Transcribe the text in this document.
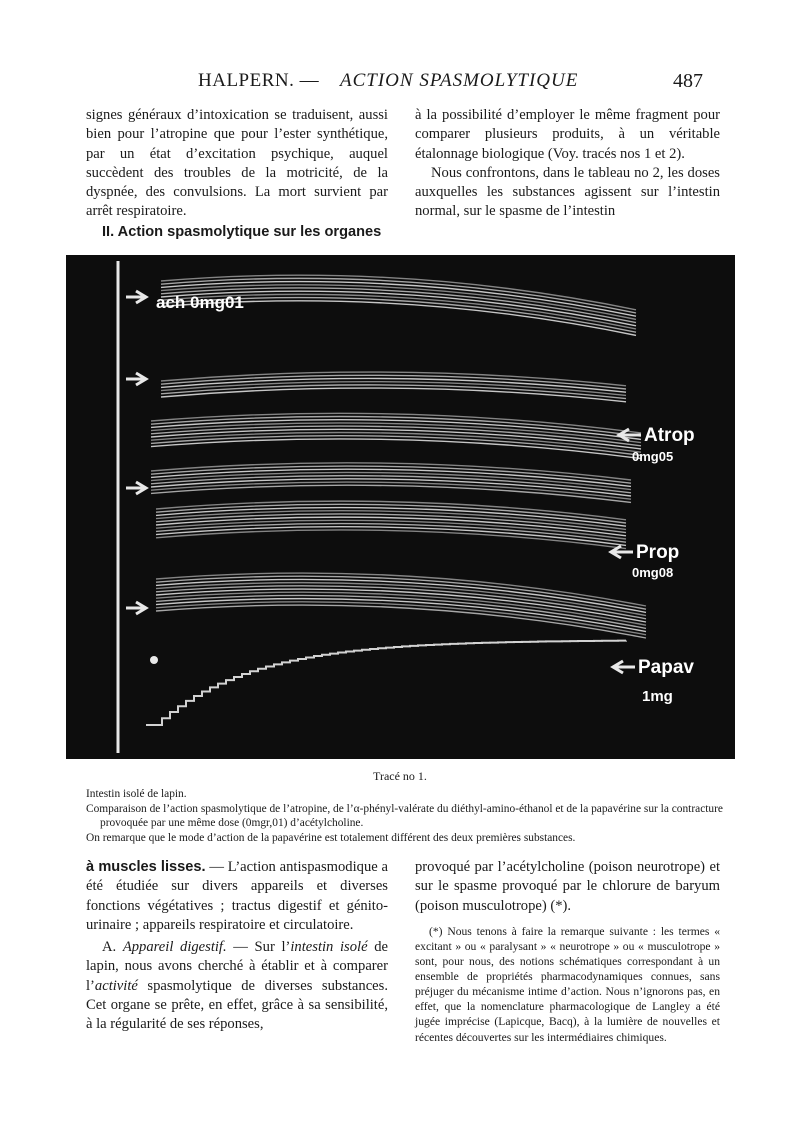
HALPERN. — ACTION SPASMOLYTIQUE	487

signes généraux d’intoxication se traduisent, aussi bien pour l’atropine que pour l’ester synthétique, par un état d’excitation psychique, auquel succèdent des troubles de la motricité, de la dyspnée, des convulsions. La mort survient par arrêt respiratoire.

II. Action spasmolytique sur les organes

à la possibilité d’employer le même fragment pour comparer plusieurs produits, à un véritable étalonnage biologique (Voy. tracés nos 1 et 2).

Nous confrontons, dans le tableau no 2, les doses auxquelles les substances agissent sur l’intestin normal, sur le spasme de l’intestin

ach 0mg01
Atrop
0mg05
Prop
0mg08
Papav
1mg
Tracé no 1.

Intestin isolé de lapin.

Comparaison de l’action spasmolytique de l’atropine, de l’α-phényl-valérate du diéthyl-amino-éthanol et de la papavérine sur la contracture provoquée par une même dose (0mgr,01) d’acétylcholine.

On remarque que le mode d’action de la papavérine est totalement différent des deux premières substances.

à muscles lisses. — L’action antispasmodique a été étudiée sur divers appareils et diverses fonctions végétatives ; tractus digestif et génito-urinaire ; appareils respiratoire et circulatoire.

A. Appareil digestif. — Sur l’intestin isolé de lapin, nous avons cherché à établir et à comparer l’activité spasmolytique de diverses substances. Cet organe se prête, en effet, grâce à sa sensibilité, à la régularité de ses réponses,

provoqué par l’acétylcholine (poison neurotrope) et sur le spasme provoqué par le chlorure de baryum (poison musculotrope) (*).

(*) Nous tenons à faire la remarque suivante : les termes « excitant » ou « paralysant » « neurotrope » ou « musculotrope » sont, pour nous, des notions schématiques correspondant à un ensemble de propriétés pharmacodynamiques connues, sans préjuger du mécanisme intime d’action. Nous n’ignorons pas, en effet, que la nomenclature pharmacologique de Langley a été jugée imprécise (Lapicque, Bacq), à la lumière de nouvelles et récentes découvertes sur les intermédiaires chimiques.
